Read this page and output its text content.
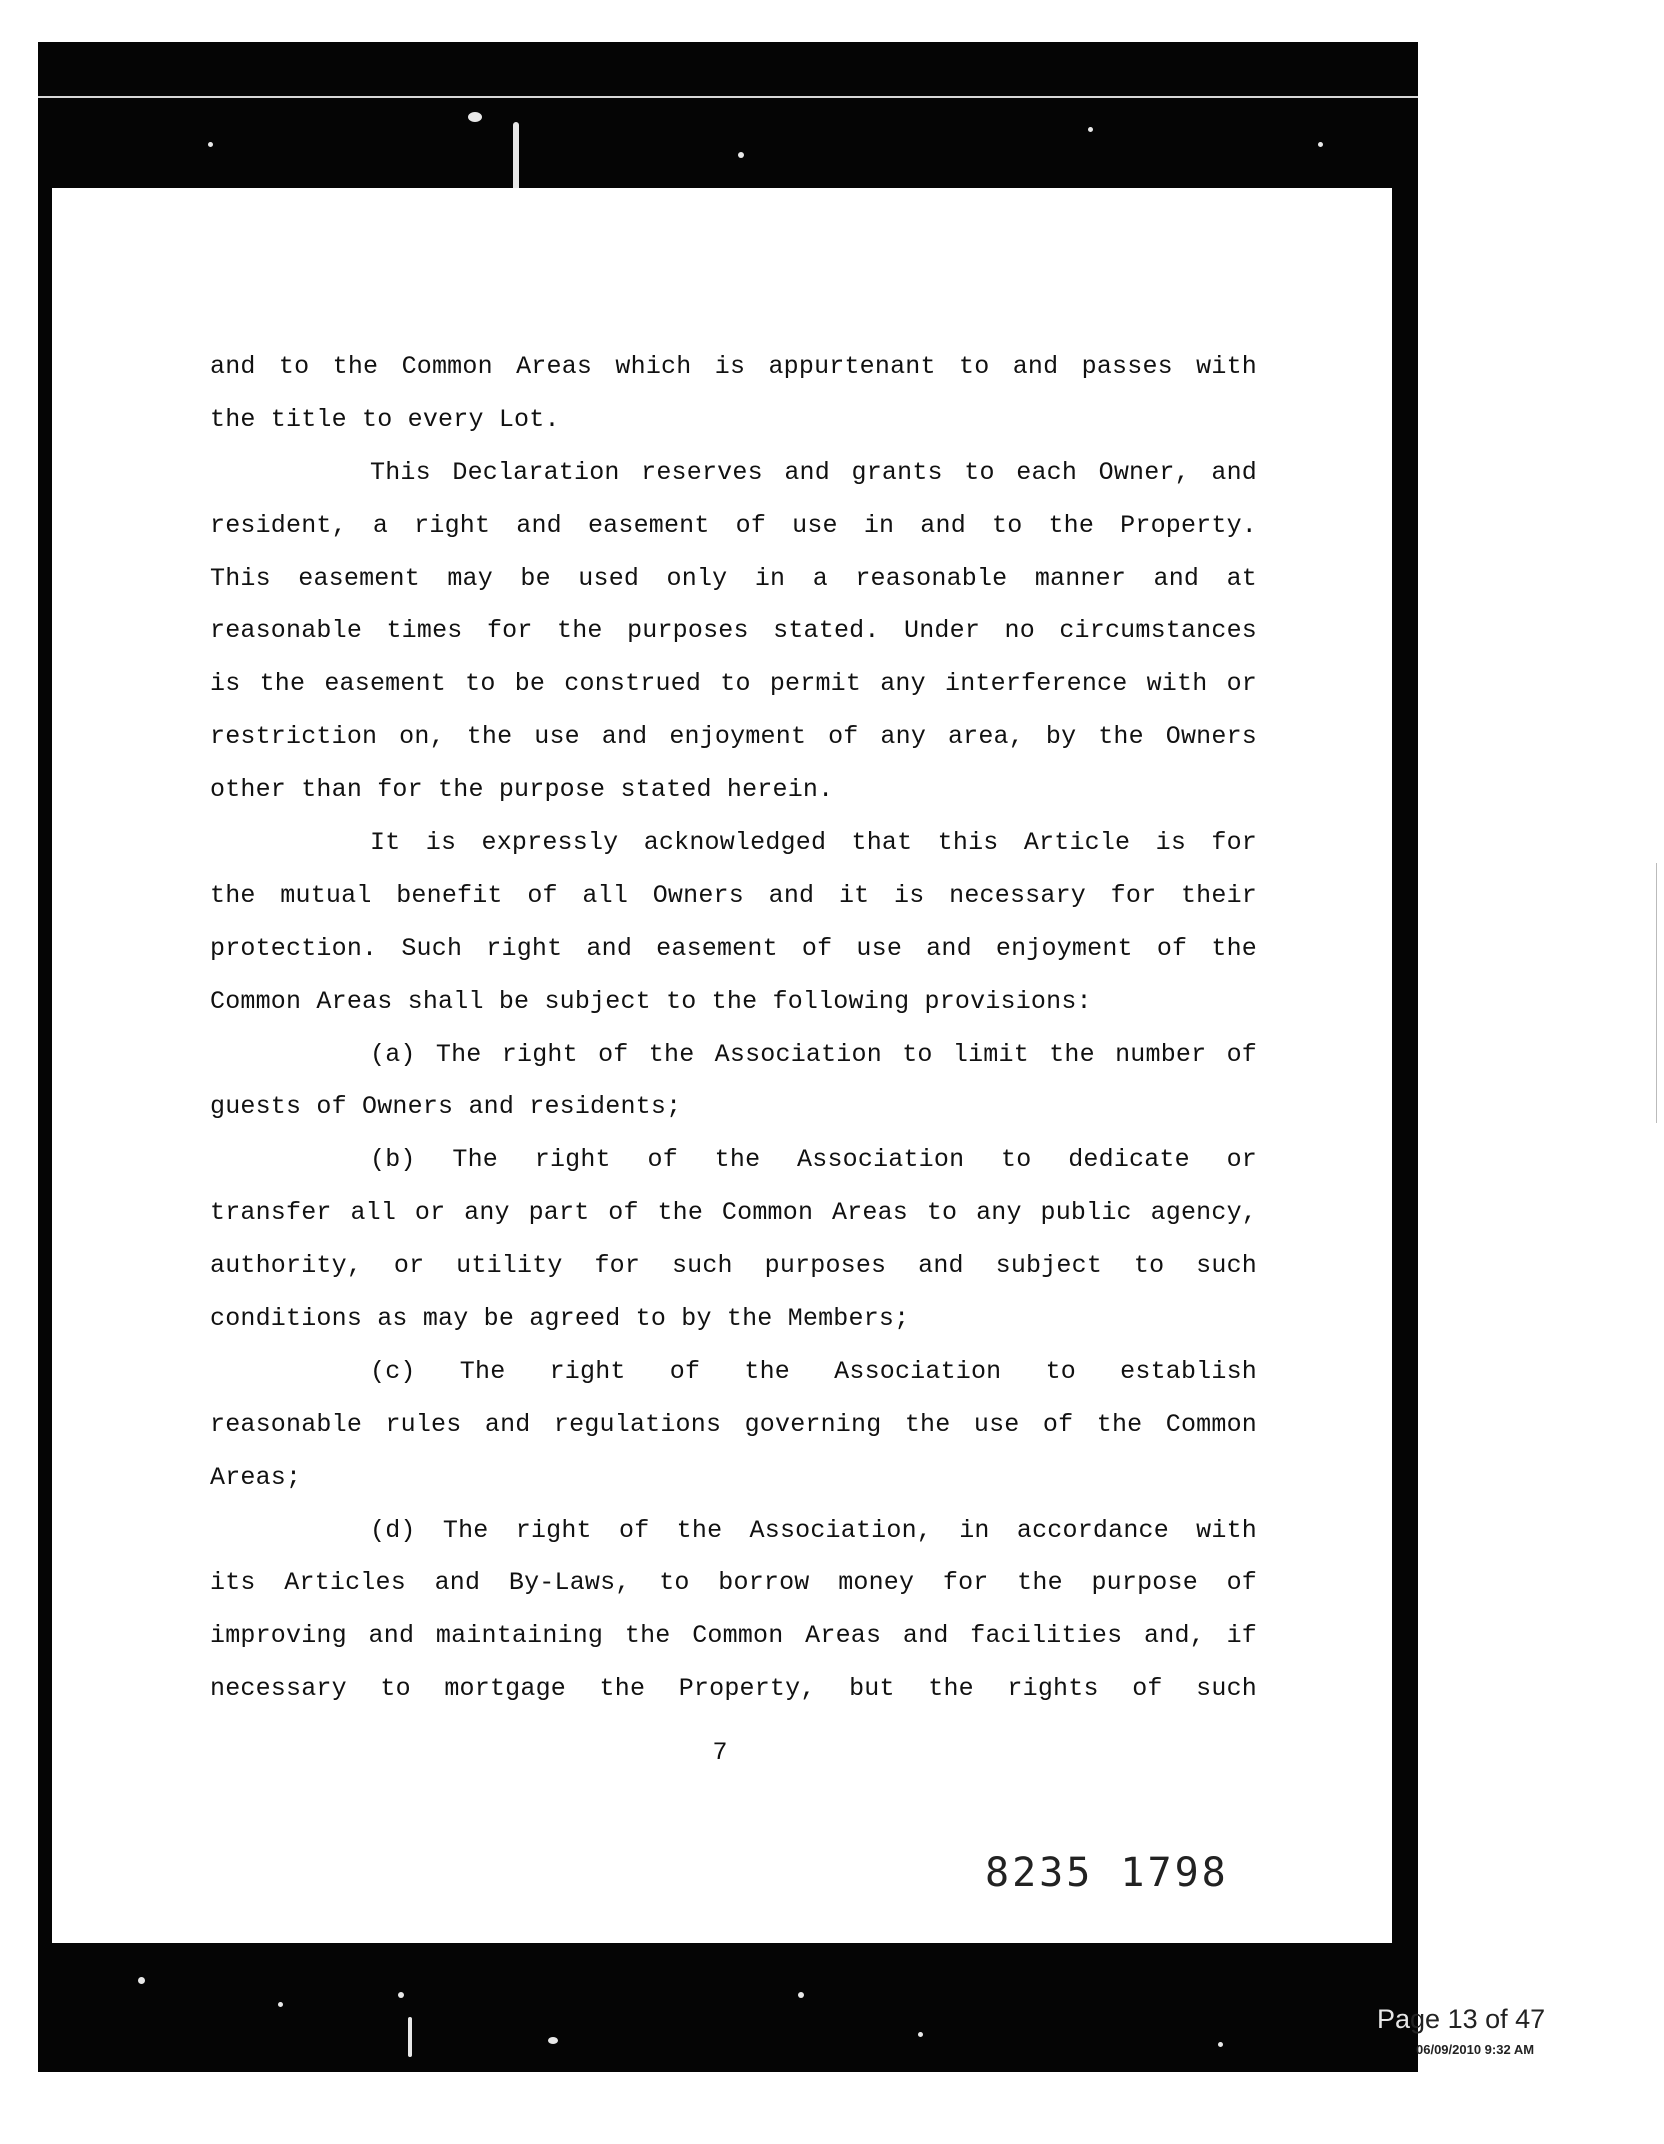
and to the Common Areas which is appurtenant to and passes with
the title to every Lot.
This Declaration reserves and grants to each Owner, and
resident, a right and easement of use in and to the Property.
This easement may be used only in a reasonable manner and at
reasonable times for the purposes stated. Under no circumstances
is the easement to be construed to permit any interference with or
restriction on, the use and enjoyment of any area, by the Owners
other than for the purpose stated herein.
It is expressly acknowledged that this Article is for
the mutual benefit of all Owners and it is necessary for their
protection. Such right and easement of use and enjoyment of the
Common Areas shall be subject to the following provisions:
(a) The right of the Association to limit the number of
guests of Owners and residents;
(b) The right of the Association to dedicate or
transfer all or any part of the Common Areas to any public agency,
authority, or utility for such purposes and subject to such
conditions as may be agreed to by the Members;
(c) The right of the Association to establish
reasonable rules and regulations governing the use of the Common
Areas;
(d) The right of the Association, in accordance with
its Articles and By-Laws, to borrow money for the purpose of
improving and maintaining the Common Areas and facilities and, if
necessary to mortgage the Property, but the rights of such
7
8235 1798
Page 13 of 47
06/09/2010 9:32 AM
